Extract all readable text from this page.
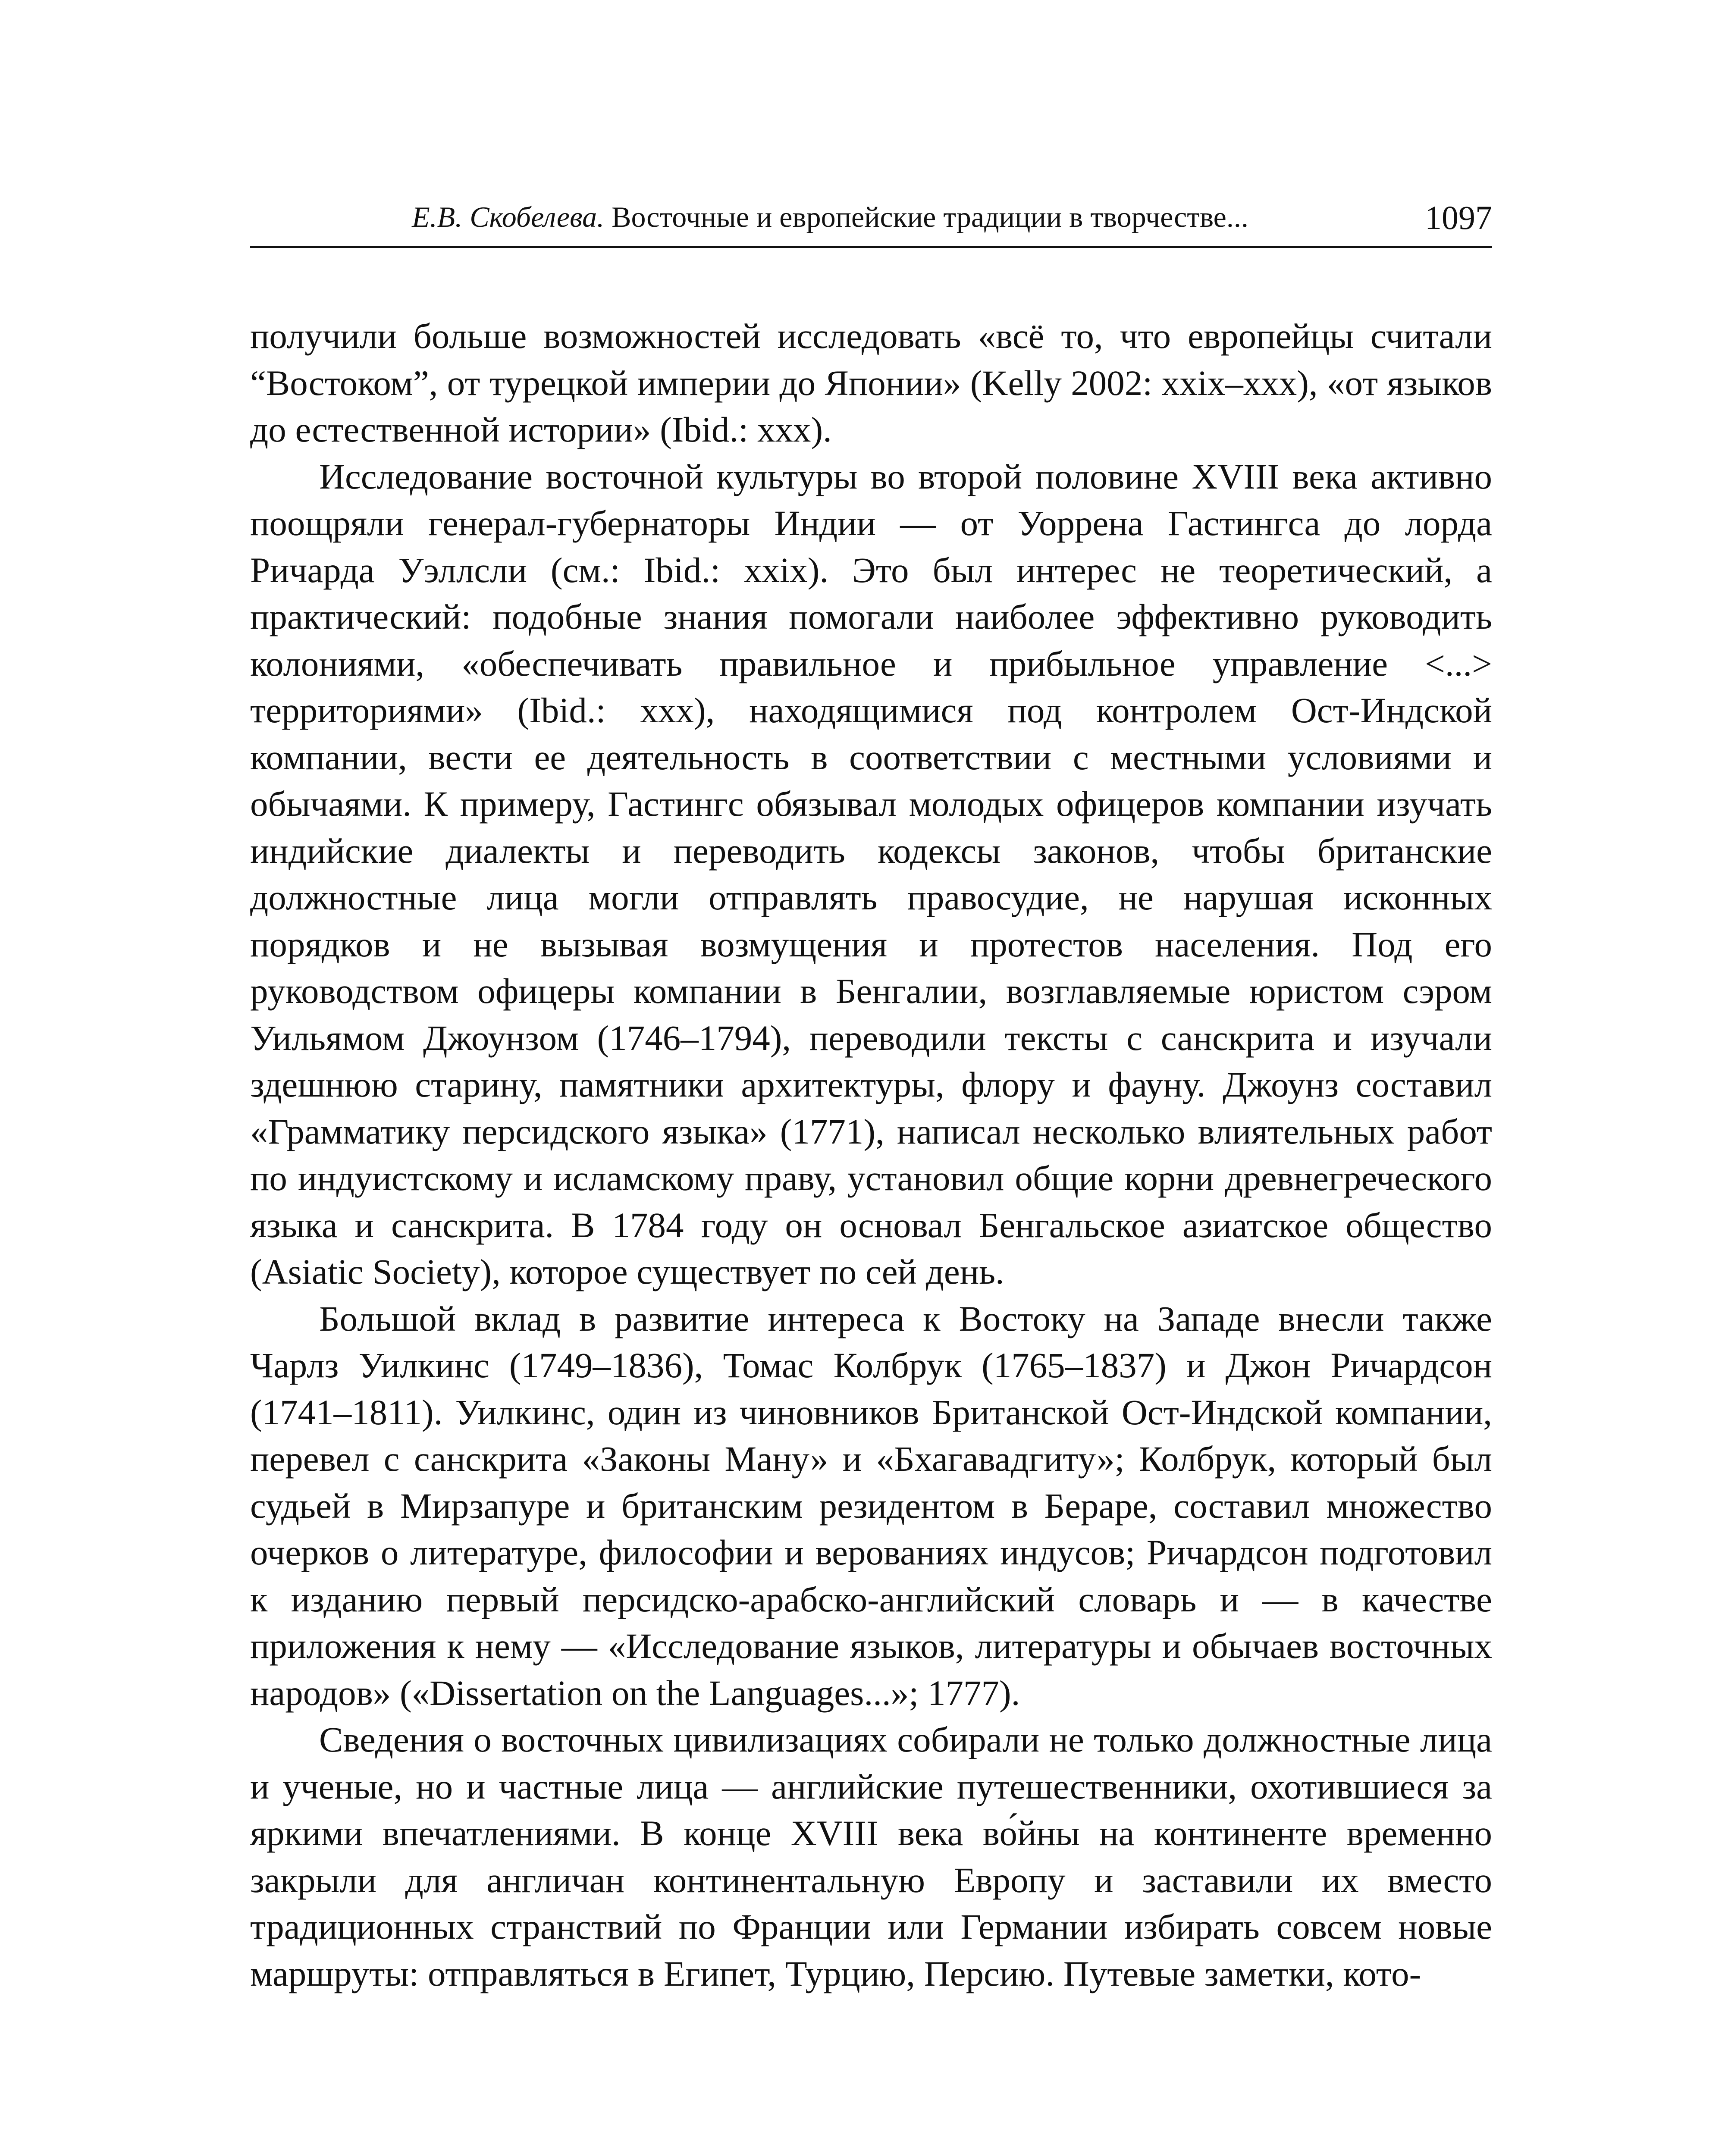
Е.В. Скобелева. Восточные и европейские традиции в творчестве...	1097

получили больше возможностей исследовать «всё то, что европейцы считали “Востоком”, от турецкой империи до Японии» (Kelly 2002: xxix–xxx), «от языков до естественной истории» (Ibid.: xxx).

Исследование восточной культуры во второй половине XVIII века активно поощряли генерал-губернаторы Индии — от Уоррена Гастингса до лорда Ричарда Уэллсли (см.: Ibid.: xxix). Это был интерес не теоретический, а практический: подобные знания помогали наиболее эффективно руководить колониями, «обеспечивать правильное и прибыльное управление <...> территориями» (Ibid.: xxx), находящимися под контролем Ост-Индской компании, вести ее деятельность в соответствии с местными условиями и обычаями. К примеру, Гастингс обязывал молодых офицеров компании изучать индийские диалекты и переводить кодексы законов, чтобы британские должностные лица могли отправлять правосудие, не нарушая исконных порядков и не вызывая возмущения и протестов населения. Под его руководством офицеры компании в Бенгалии, возглавляемые юристом сэром Уильямом Джоунзом (1746–1794), переводили тексты с санскрита и изучали здешнюю старину, памятники архитектуры, флору и фауну. Джоунз составил «Грамматику персидского языка» (1771), написал несколько влиятельных работ по индуистскому и исламскому праву, установил общие корни древнегреческого языка и санскрита. В 1784 году он основал Бенгальское азиатское общество (Asiatic Society), которое существует по сей день.

Большой вклад в развитие интереса к Востоку на Западе внесли также Чарлз Уилкинс (1749–1836), Томас Колбрук (1765–1837) и Джон Ричардсон (1741–1811). Уилкинс, один из чиновников Британской Ост-Индской компании, перевел с санскрита «Законы Ману» и «Бхагавадгиту»; Колбрук, который был судьей в Мирзапуре и британским резидентом в Бераре, составил множество очерков о литературе, философии и верованиях индусов; Ричардсон подготовил к изданию первый персидско-арабско-английский словарь и — в качестве приложения к нему — «Исследование языков, литературы и обычаев восточных народов» («Dissertation on the Languages...»; 1777).

Сведения о восточных цивилизациях собирали не только должностные лица и ученые, но и частные лица — английские путешественники, охотившиеся за яркими впечатлениями. В конце XVIII века во́йны на континенте временно закрыли для англичан континентальную Европу и заставили их вместо традиционных странствий по Франции или Германии избирать совсем новые маршруты: отправляться в Египет, Турцию, Персию. Путевые заметки, кото-
